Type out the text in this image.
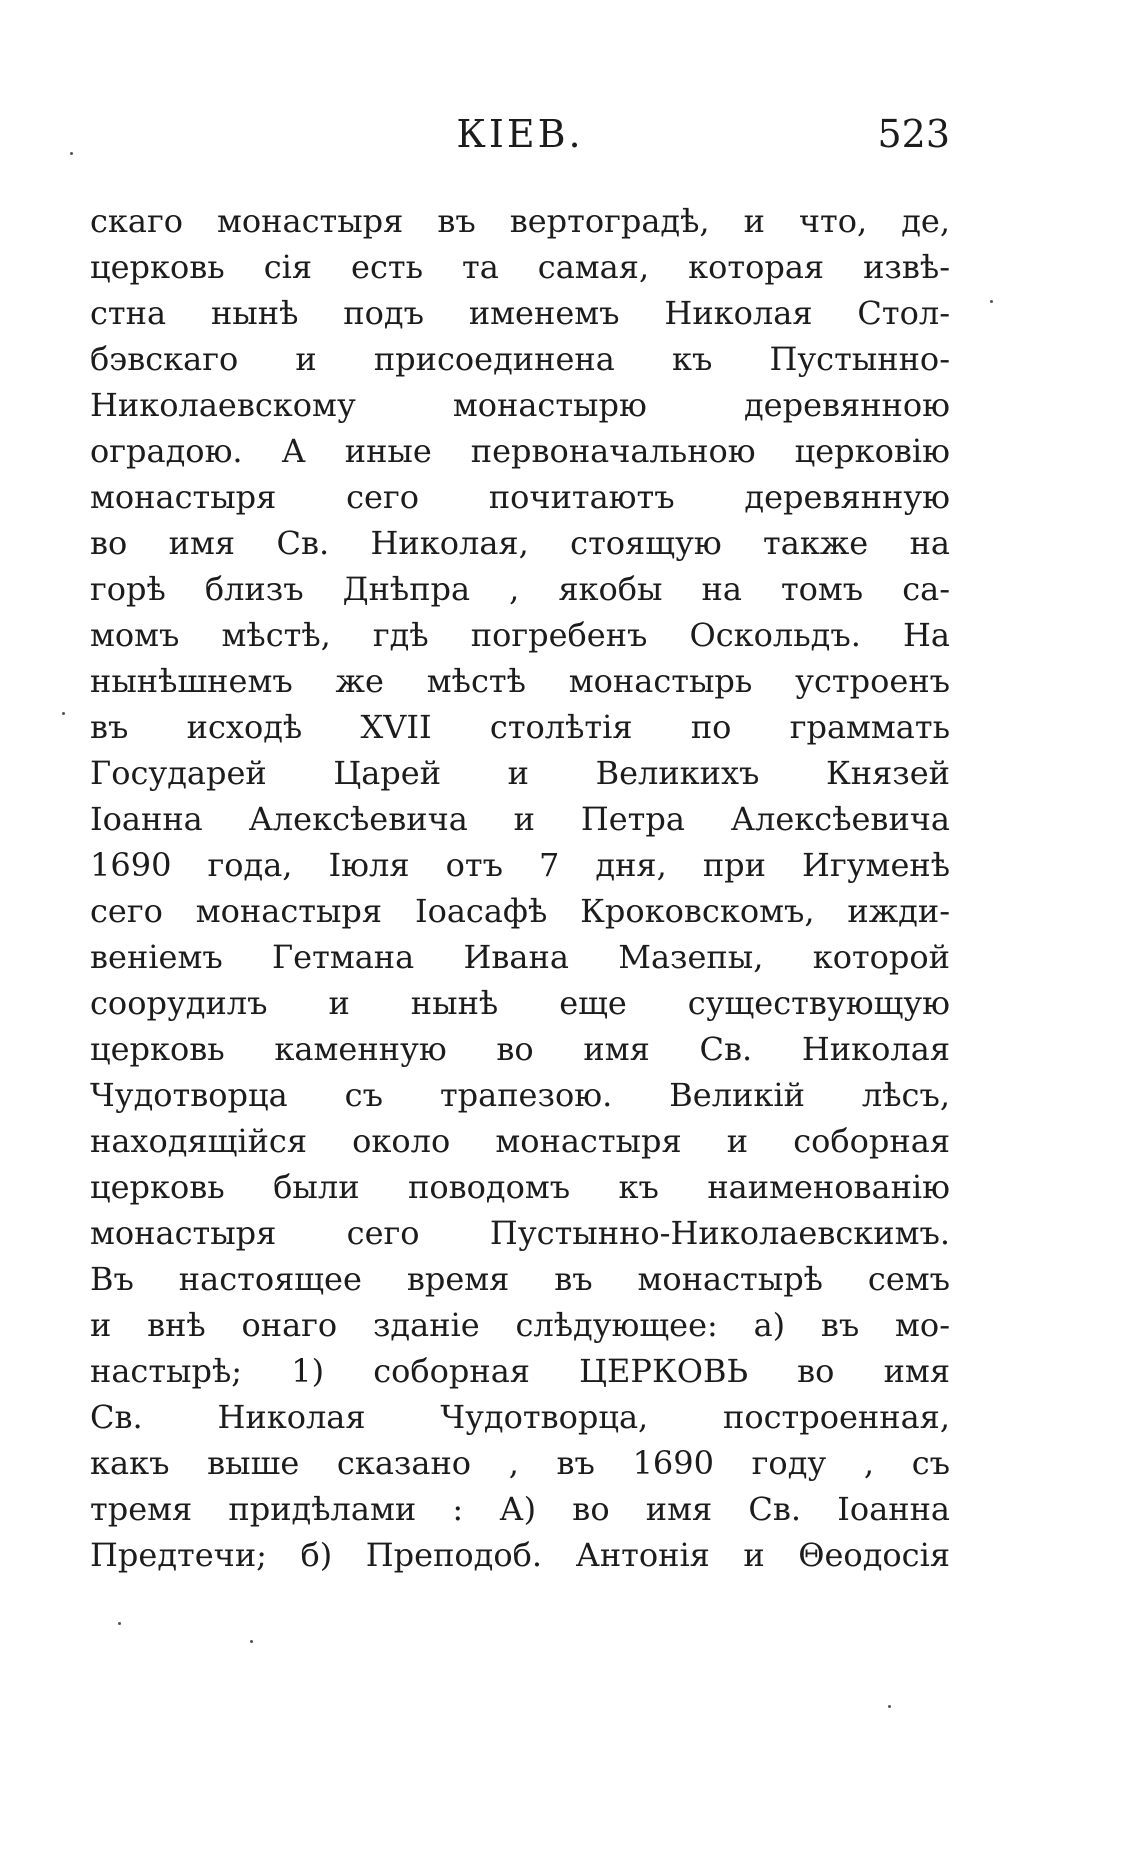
КІЕВ.	523
скаго монастыря въ вертоградѣ, и что, де,
церковь сія есть та самая, которая извѣ-
стна нынѣ подъ именемъ Николая Стол-
бэвскаго и присоединена къ Пустынно-
Николаевскому монастырю деревянною
оградою. А иные первоначальною церковію
монастыря сего почитаютъ деревянную
во имя Св. Николая, стоящую также на
горѣ близъ Днѣпра , якобы на томъ са-
момъ мѣстѣ, гдѣ погребенъ Оскольдъ. На
нынѣшнемъ же мѣстѣ монастырь устроенъ
въ исходѣ XVII столѣтія по граммать
Государей Царей и Великихъ Князей
Іоанна Алексѣевича и Петра Алексѣевича
1690 года, Іюля отъ 7 дня, при Игуменѣ
сего монастыря Іоасафѣ Кроковскомъ, ижди-
веніемъ Гетмана Ивана Мазепы, которой
соорудилъ и нынѣ еще существующую
церковь каменную во имя Св. Николая
Чудотворца съ трапезою. Великій лѣсъ,
находящійся около монастыря и соборная
церковь были поводомъ къ наименованію
монастыря сего Пустынно-Николаевскимъ.
Въ настоящее время въ монастырѣ семъ
и внѣ онаго зданіе слѣдующее: а) въ мо-
настырѣ; 1) соборная ЦЕРКОВЬ во имя
Св. Николая Чудотворца, построенная,
какъ выше сказано , въ 1690 году , съ
тремя придѣлами : А) во имя Св. Іоанна
Предтечи; б) Преподоб. Антонія и Θеодосія
